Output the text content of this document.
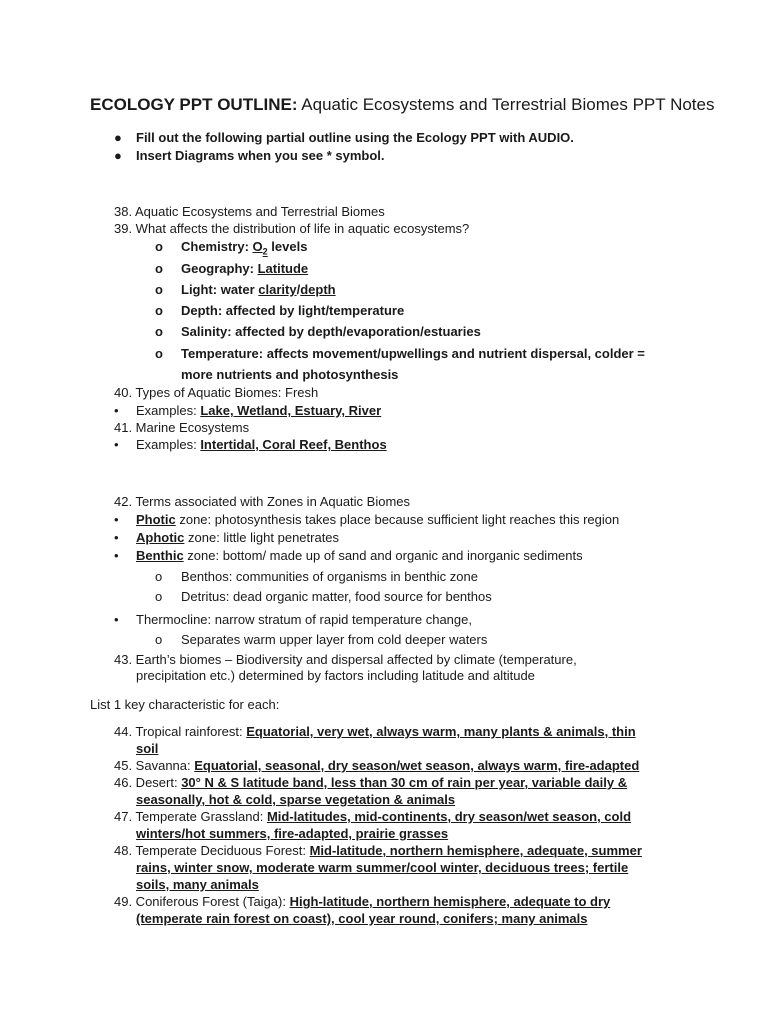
ECOLOGY PPT OUTLINE: Aquatic Ecosystems and Terrestrial Biomes PPT Notes
● Fill out the following partial outline using the Ecology PPT with AUDIO.
● Insert Diagrams when you see * symbol.
38. Aquatic Ecosystems and Terrestrial Biomes
39. What affects the distribution of life in aquatic ecosystems?
o Chemistry: $O_2$ levels
o Geography: Latitude
o Light: water clarity/depth
o Depth: affected by light/temperature
o Salinity: affected by depth/evaporation/estuaries
o Temperature: affects movement/upwellings and nutrient dispersal, colder =
more nutrients and photosynthesis
40. Types of Aquatic Biomes: Fresh
• Examples: Lake, Wetland, Estuary, River
41. Marine Ecosystems
• Examples: Intertidal, Coral Reef, Benthos
42. Terms associated with Zones in Aquatic Biomes
• Photic zone: photosynthesis takes place because sufficient light reaches this region
• Aphotic zone: little light penetrates
• Benthic zone: bottom/ made up of sand and organic and inorganic sediments
o Benthos: communities of organisms in benthic zone
o Detritus: dead organic matter, food source for benthos
• Thermocline: narrow stratum of rapid temperature change,
o Separates warm upper layer from cold deeper waters
43. Earth’s biomes – Biodiversity and dispersal affected by climate (temperature,
precipitation etc.) determined by factors including latitude and altitude
List 1 key characteristic for each:
44. Tropical rainforest: Equatorial, very wet, always warm, many plants & animals, thin
soil
45. Savanna: Equatorial, seasonal, dry season/wet season, always warm, fire-adapted
46. Desert: 30° N & S latitude band, less than 30 cm of rain per year, variable daily &
seasonally, hot & cold, sparse vegetation & animals
47. Temperate Grassland: Mid-latitudes, mid-continents, dry season/wet season, cold
winters/hot summers, fire-adapted, prairie grasses
48. Temperate Deciduous Forest: Mid-latitude, northern hemisphere, adequate, summer
rains, winter snow, moderate warm summer/cool winter, deciduous trees; fertile
soils, many animals
49. Coniferous Forest (Taiga): High-latitude, northern hemisphere, adequate to dry
(temperate rain forest on coast), cool year round, conifers; many animals
